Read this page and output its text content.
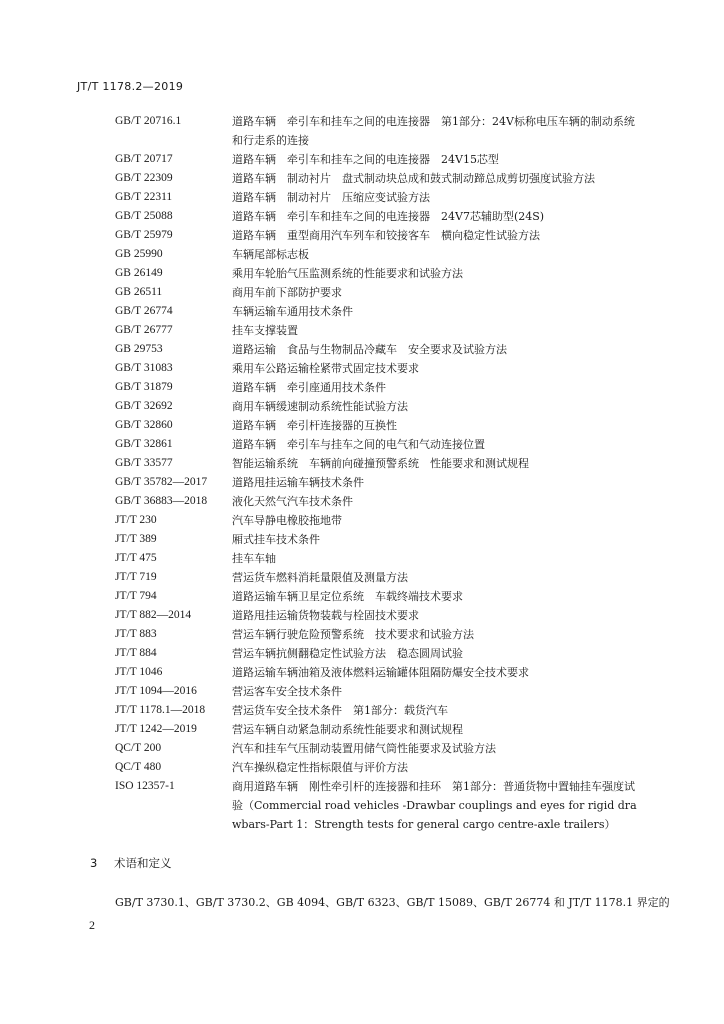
JT/T 1178.2—2019
GB/T 20716.1	道路车辆　牵引车和挂车之间的电连接器　第1部分：24V标称电压车辆的制动系统和行走系的连接
GB/T 20717	道路车辆　牵引车和挂车之间的电连接器　24V15芯型
GB/T 22309	道路车辆　制动衬片　盘式制动块总成和鼓式制动蹄总成剪切强度试验方法
GB/T 22311	道路车辆　制动衬片　压缩应变试验方法
GB/T 25088	道路车辆　牵引车和挂车之间的电连接器　24V7芯辅助型(24S)
GB/T 25979	道路车辆　重型商用汽车列车和铰接客车　横向稳定性试验方法
GB 25990	车辆尾部标志板
GB 26149	乘用车轮胎气压监测系统的性能要求和试验方法
GB 26511	商用车前下部防护要求
GB/T 26774	车辆运输车通用技术条件
GB/T 26777	挂车支撑装置
GB 29753	道路运输　食品与生物制品冷藏车　安全要求及试验方法
GB/T 31083	乘用车公路运输栓紧带式固定技术要求
GB/T 31879	道路车辆　牵引座通用技术条件
GB/T 32692	商用车辆缓速制动系统性能试验方法
GB/T 32860	道路车辆　牵引杆连接器的互换性
GB/T 32861	道路车辆　牵引车与挂车之间的电气和气动连接位置
GB/T 33577	智能运输系统　车辆前向碰撞预警系统　性能要求和测试规程
GB/T 35782—2017 道路甩挂运输车辆技术条件
GB/T 36883—2018 液化天然气汽车技术条件
JT/T 230	汽车导静电橡胶拖地带
JT/T 389	厢式挂车技术条件
JT/T 475	挂车车轴
JT/T 719	营运货车燃料消耗量限值及测量方法
JT/T 794	道路运输车辆卫星定位系统　车载终端技术要求
JT/T 882—2014	道路甩挂运输货物装载与栓固技术要求
JT/T 883	营运车辆行驶危险预警系统　技术要求和试验方法
JT/T 884	营运车辆抗侧翻稳定性试验方法　稳态圆周试验
JT/T 1046	道路运输车辆油箱及液体燃料运输罐体阻隔防爆安全技术要求
JT/T 1094—2016	营运客车安全技术条件
JT/T 1178.1—2018 营运货车安全技术条件　第1部分：载货汽车
JT/T 1242—2019	营运车辆自动紧急制动系统性能要求和测试规程
QC/T 200	汽车和挂车气压制动装置用储气筒性能要求及试验方法
QC/T 480	汽车操纵稳定性指标限值与评价方法
ISO 12357-1	商用道路车辆　刚性牵引杆的连接器和挂环　第1部分：普通货物中置轴挂车强度试验（Commercial road vehicles -Drawbar couplings and eyes for rigid drawbars-Part 1：Strength tests for general cargo centre-axle trailers）
3 术语和定义
GB/T 3730.1、GB/T 3730.2、GB 4094、GB/T 6323、GB/T 15089、GB/T 26774 和 JT/T 1178.1 界定的
2
